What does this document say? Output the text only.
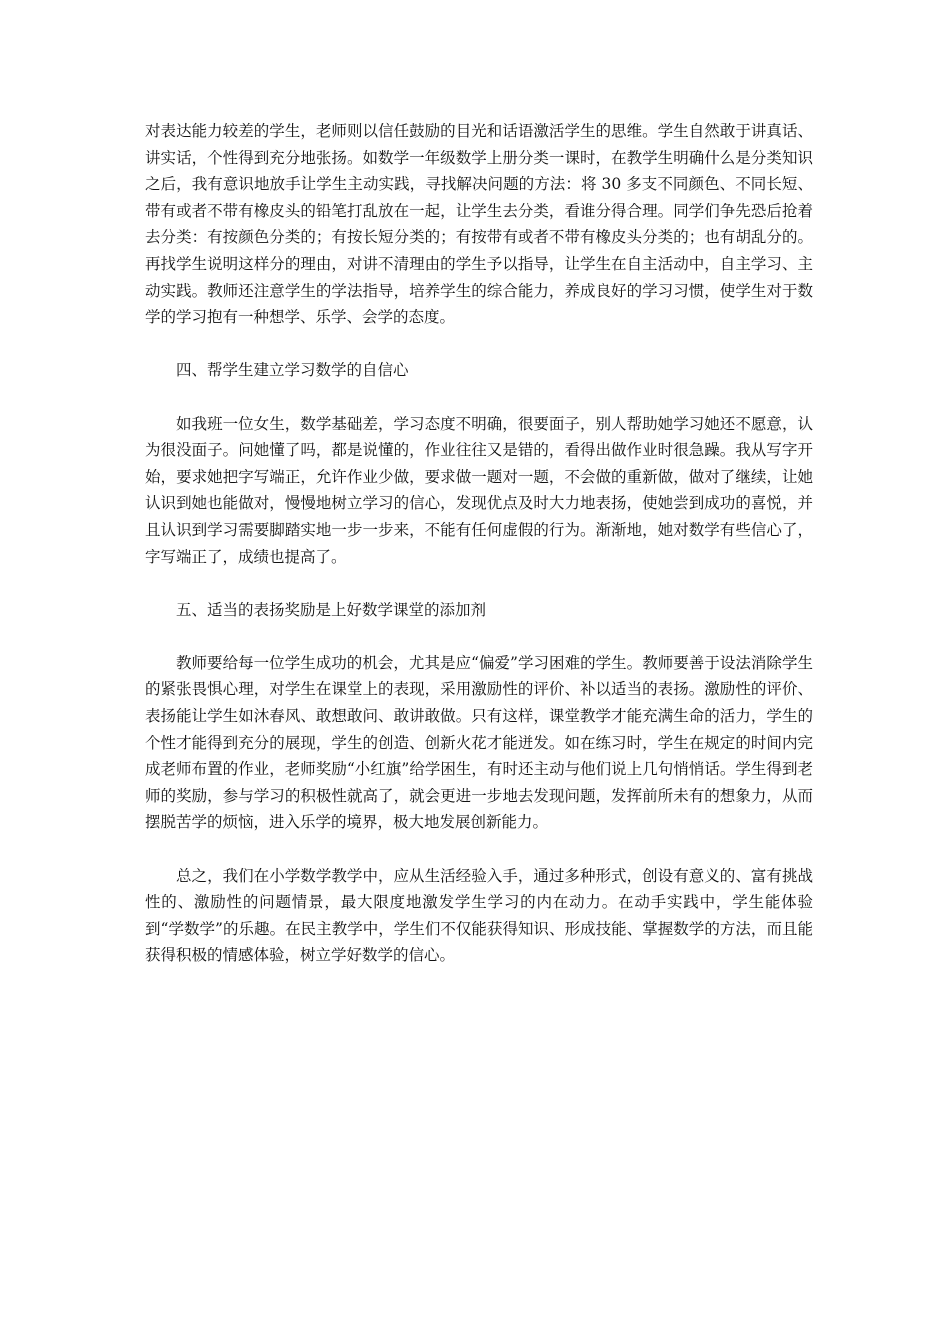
对表达能力较差的学生，老师则以信任鼓励的目光和话语激活学生的思维。学生自然敢于讲真话、讲实话，个性得到充分地张扬。如数学一年级数学上册分类一课时，在教学生明确什么是分类知识之后，我有意识地放手让学生主动实践，寻找解决问题的方法：将 30 多支不同颜色、不同长短、带有或者不带有橡皮头的铅笔打乱放在一起，让学生去分类，看谁分得合理。同学们争先恐后抢着去分类：有按颜色分类的；有按长短分类的；有按带有或者不带有橡皮头分类的；也有胡乱分的。再找学生说明这样分的理由，对讲不清理由的学生予以指导，让学生在自主活动中，自主学习、主动实践。教师还注意学生的学法指导，培养学生的综合能力，养成良好的学习习惯，使学生对于数学的学习抱有一种想学、乐学、会学的态度。

四、帮学生建立学习数学的自信心

如我班一位女生，数学基础差，学习态度不明确，很要面子，别人帮助她学习她还不愿意，认为很没面子。问她懂了吗，都是说懂的，作业往往又是错的，看得出做作业时很急躁。我从写字开始，要求她把字写端正，允许作业少做，要求做一题对一题，不会做的重新做，做对了继续，让她认识到她也能做对，慢慢地树立学习的信心，发现优点及时大力地表扬，使她尝到成功的喜悦，并且认识到学习需要脚踏实地一步一步来，不能有任何虚假的行为。渐渐地，她对数学有些信心了，字写端正了，成绩也提高了。

五、适当的表扬奖励是上好数学课堂的添加剂

教师要给每一位学生成功的机会，尤其是应“偏爱”学习困难的学生。教师要善于设法消除学生的紧张畏惧心理，对学生在课堂上的表现，采用激励性的评价、补以适当的表扬。激励性的评价、表扬能让学生如沐春风、敢想敢问、敢讲敢做。只有这样，课堂教学才能充满生命的活力，学生的个性才能得到充分的展现，学生的创造、创新火花才能迸发。如在练习时，学生在规定的时间内完成老师布置的作业，老师奖励“小红旗”给学困生，有时还主动与他们说上几句悄悄话。学生得到老师的奖励，参与学习的积极性就高了，就会更进一步地去发现问题，发挥前所未有的想象力，从而摆脱苦学的烦恼，进入乐学的境界，极大地发展创新能力。

总之，我们在小学数学教学中，应从生活经验入手，通过多种形式，创设有意义的、富有挑战性的、激励性的问题情景，最大限度地激发学生学习的内在动力。在动手实践中，学生能体验到“学数学”的乐趣。在民主教学中，学生们不仅能获得知识、形成技能、掌握数学的方法，而且能获得积极的情感体验，树立学好数学的信心。
